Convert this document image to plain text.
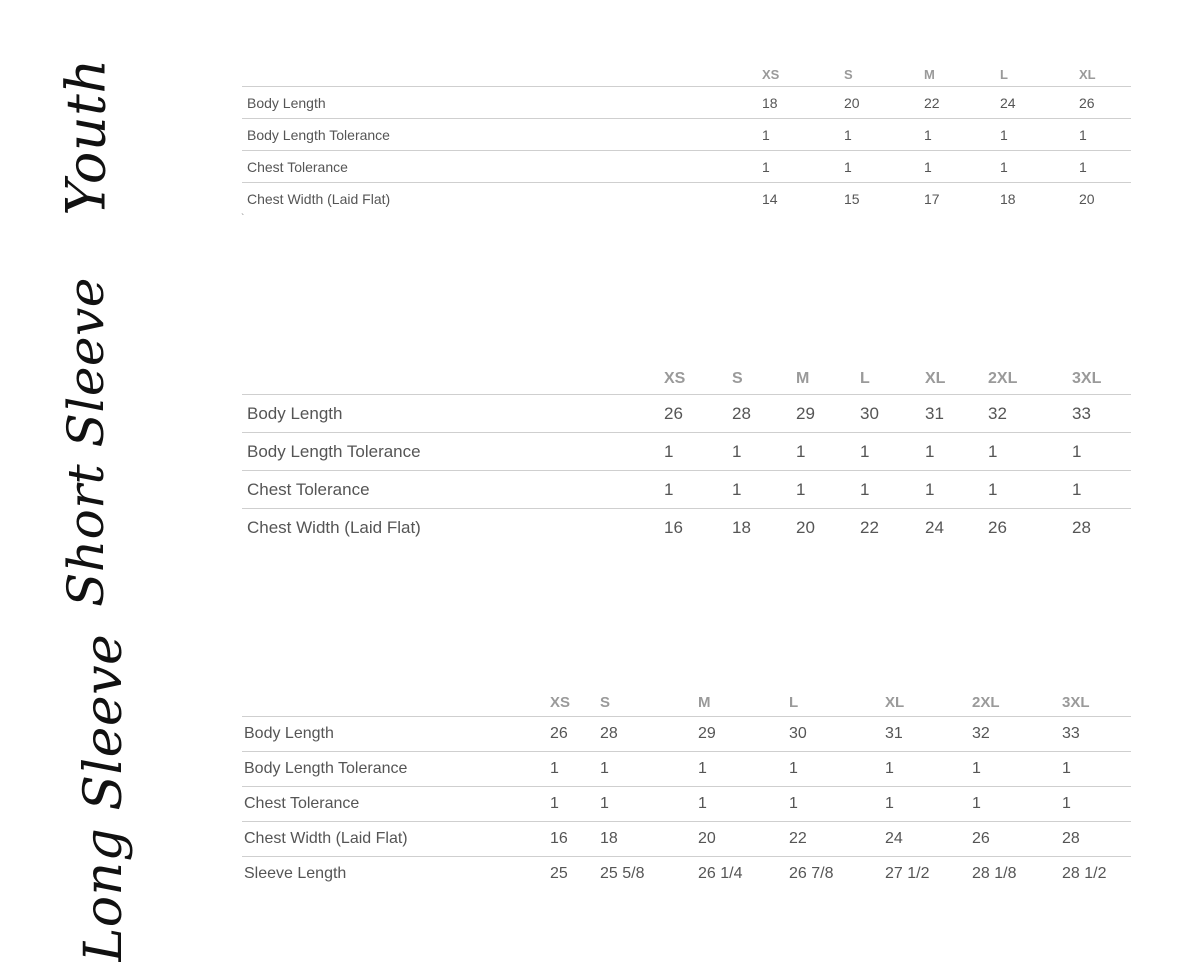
Youth
		XS	S	M	L	XL
Body Length	18	20	22	24	26
Body Length Tolerance	1	1	1	1	1
Chest Tolerance	1	1	1	1	1
Chest Width (Laid Flat)	14	15	17	18	20
`
Short Sleeve
		XS	S	M	L	XL	2XL	3XL
Body Length	26	28	29	30	31	32	33
Body Length Tolerance	1	1	1	1	1	1	1
Chest Tolerance	1	1	1	1	1	1	1
Chest Width (Laid Flat)	16	18	20	22	24	26	28
Long Sleeve
		XS	S	M	L	XL	2XL	3XL
Body Length	26	28	29	30	31	32	33
Body Length Tolerance	1	1	1	1	1	1	1
Chest Tolerance	1	1	1	1	1	1	1
Chest Width (Laid Flat)	16	18	20	22	24	26	28
Sleeve Length	25	25 5/8	26 1/4	26 7/8	27 1/2	28 1/8	28 1/2
